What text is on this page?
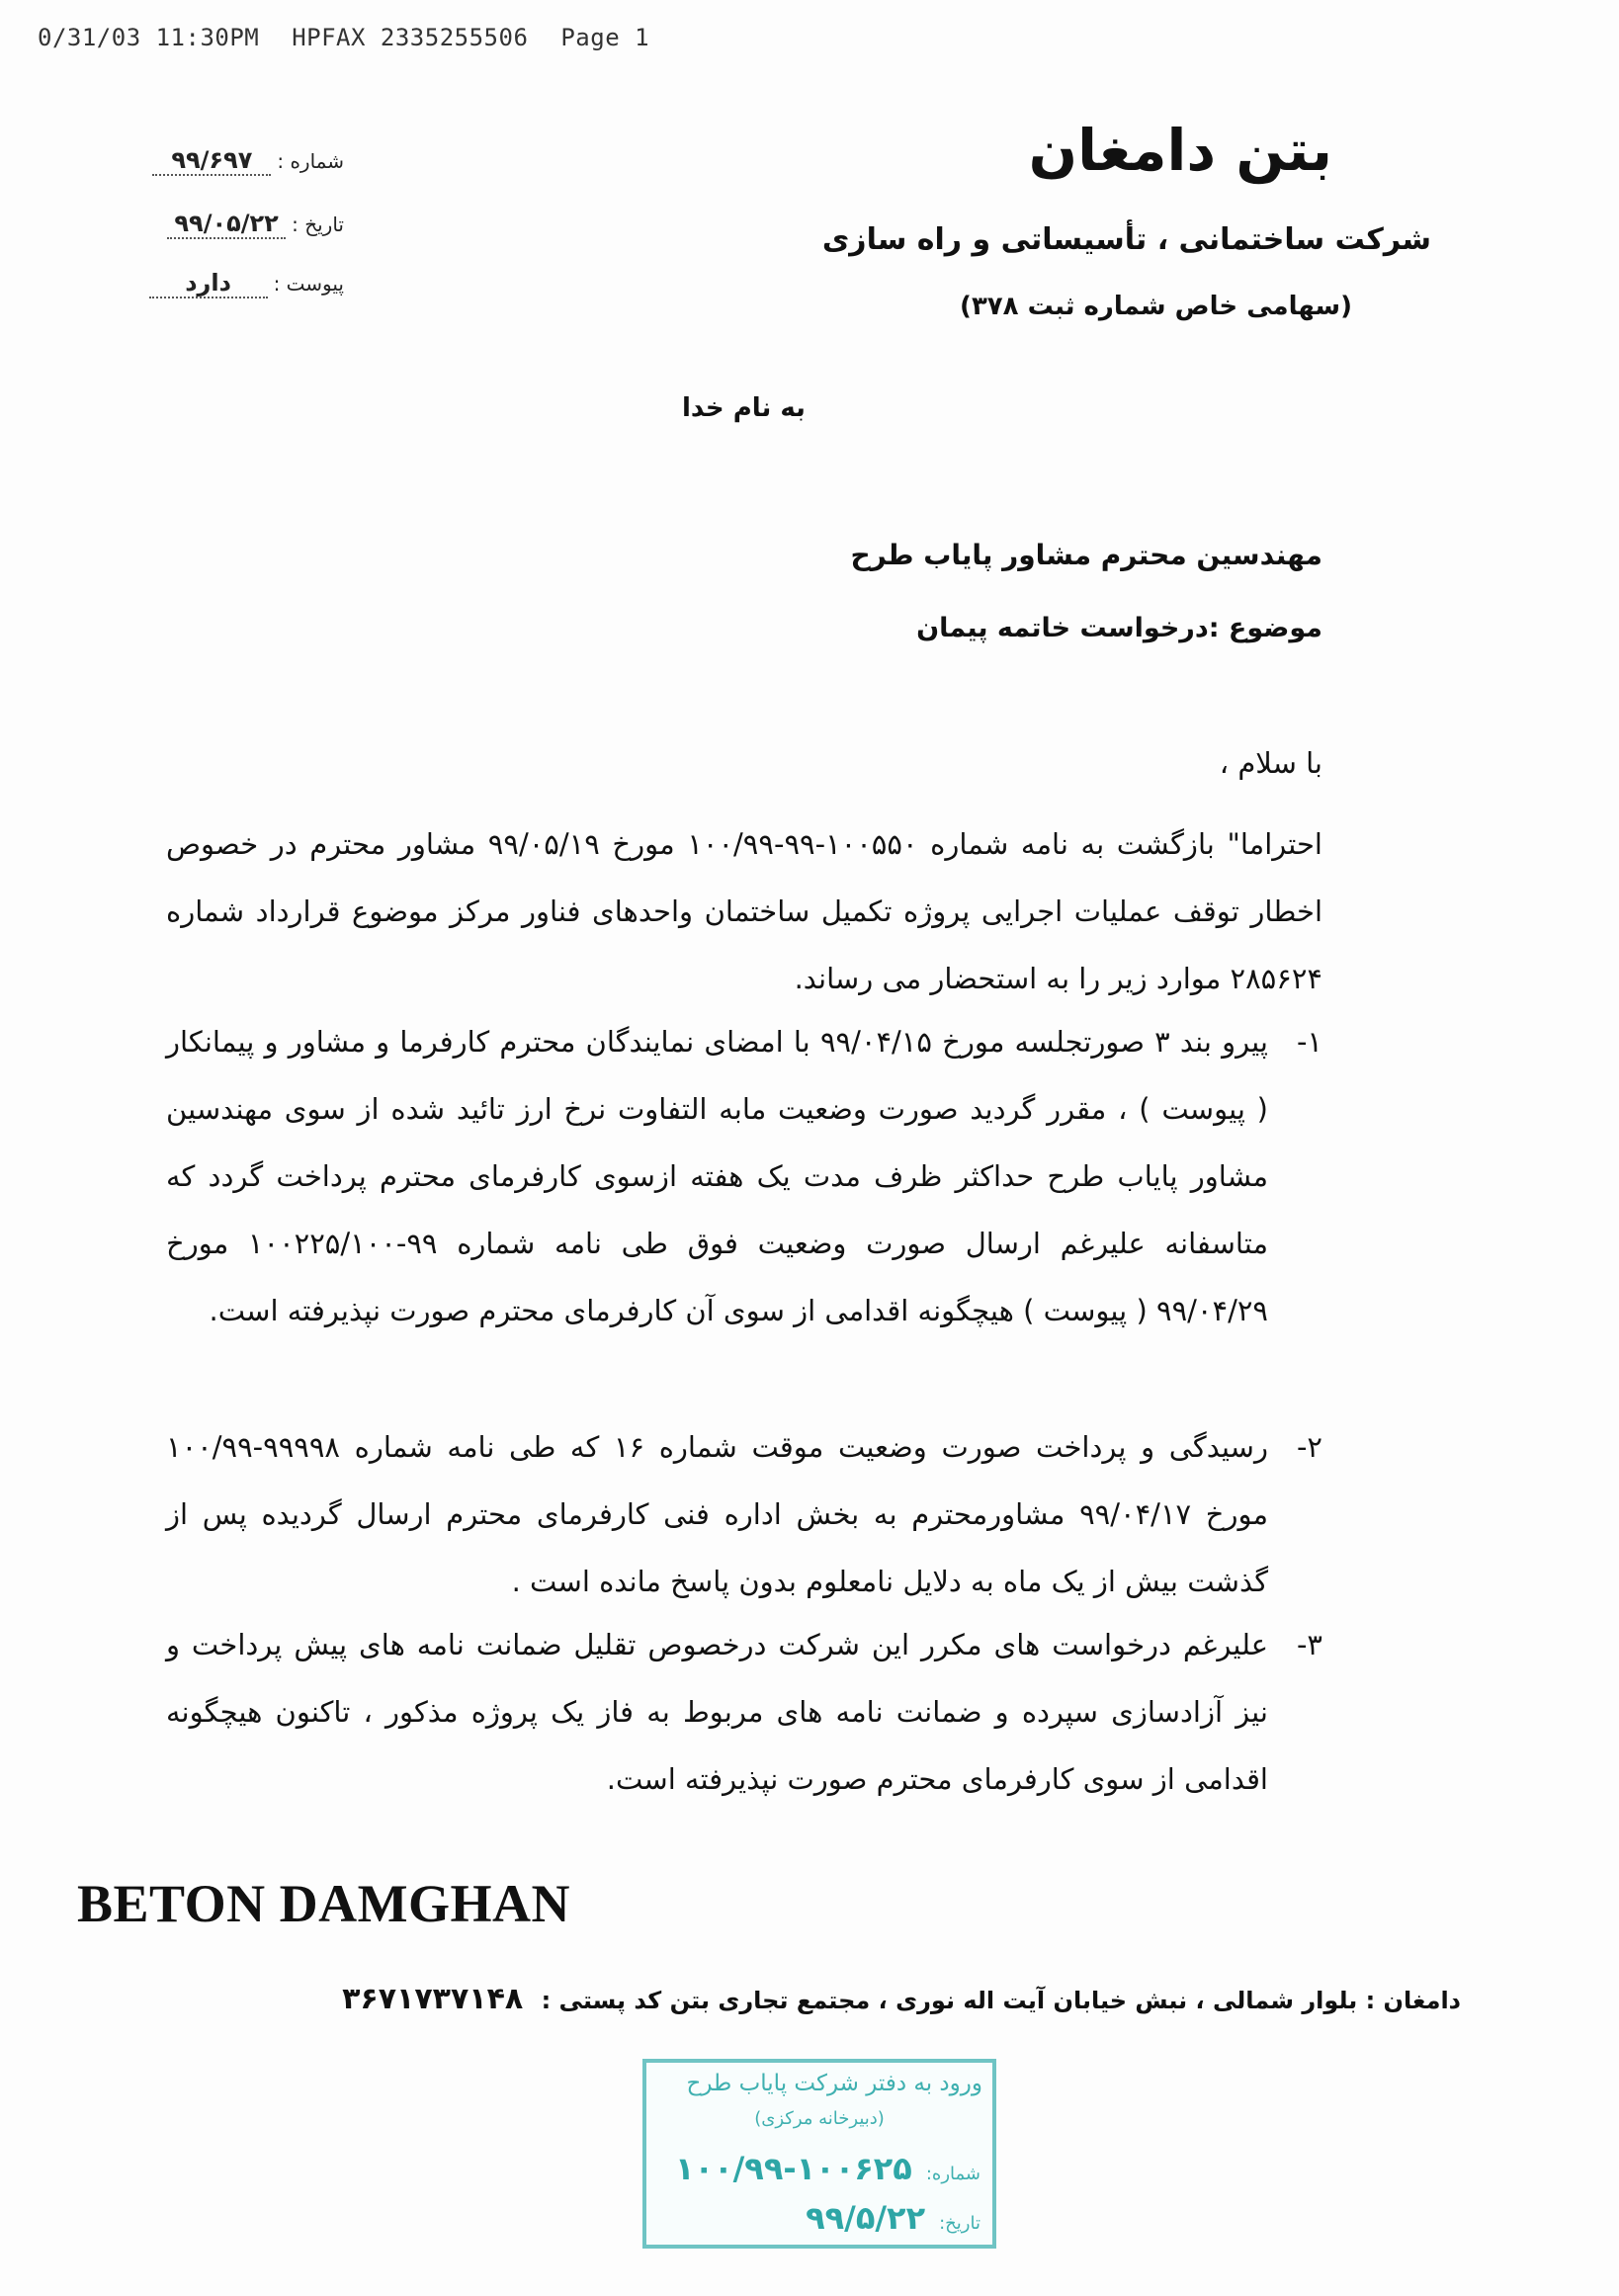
0/31/03 11:30PM HPFAX 2335255506 Page 1
بتن دامغان
شرکت ساختمانی ، تأسیساتی و راه سازی
(سهامی خاص شماره ثبت ۳۷۸)
شماره :
۹۹/۶۹۷
تاریخ :
۹۹/۰۵/۲۲
پیوست :
دارد
به نام خدا
مهندسین محترم مشاور پایاب طرح
موضوع :درخواست خاتمه پیمان
با سلام ،
احتراما" بازگشت به نامه شماره ۱۰۰۵۵۰-۹۹-۱۰۰/۹۹ مورخ ۹۹/۰۵/۱۹ مشاور محترم در خصوص اخطار توقف عملیات اجرایی پروژه تکمیل ساختمان واحدهای فناور مرکز موضوع قرارداد شماره ۲۸۵۶۲۴ موارد زیر را به استحضار می رساند.
۱-
پیرو بند ۳ صورتجلسه مورخ ۹۹/۰۴/۱۵ با امضای نمایندگان محترم کارفرما و مشاور و پیمانکار ( پیوست ) ، مقرر گردید صورت وضعیت مابه التفاوت نرخ ارز تائید شده از سوی مهندسین مشاور پایاب طرح حداکثر ظرف مدت یک هفته ازسوی کارفرمای محترم پرداخت گردد که متاسفانه علیرغم ارسال صورت وضعیت فوق طی نامه شماره ۹۹-۱۰۰۲۲۵/۱۰۰ مورخ ۹۹/۰۴/۲۹ ( پیوست ) هیچگونه اقدامی از سوی آن کارفرمای محترم صورت نپذیرفته است.
۲-
رسیدگی و پرداخت صورت وضعیت موقت شماره ۱۶ که طی نامه شماره ۹۹۹۹۸-۱۰۰/۹۹ مورخ ۹۹/۰۴/۱۷ مشاورمحترم به بخش اداره فنی کارفرمای محترم ارسال گردیده پس از گذشت بیش از یک ماه به دلایل نامعلوم بدون پاسخ مانده است .
۳-
علیرغم درخواست های مکرر این شرکت درخصوص تقلیل ضمانت نامه های پیش پرداخت و نیز آزادسازی سپرده و ضمانت نامه های مربوط به فاز یک پروژه مذکور ، تاکنون هیچگونه اقدامی از سوی کارفرمای محترم صورت نپذیرفته است.
BETON DAMGHAN
دامغان : بلوار شمالی ، نبش خیابان آیت اله نوری ، مجتمع تجاری بتن کد پستی : ۳۶۷۱۷۳۷۱۴۸
ورود به دفتر شرکت پایاب طرح
(دبیرخانه مرکزی)
شماره:
۱۰۰/۹۹-۱۰۰۶۲۵
تاریخ:
۹۹/۵/۲۲
